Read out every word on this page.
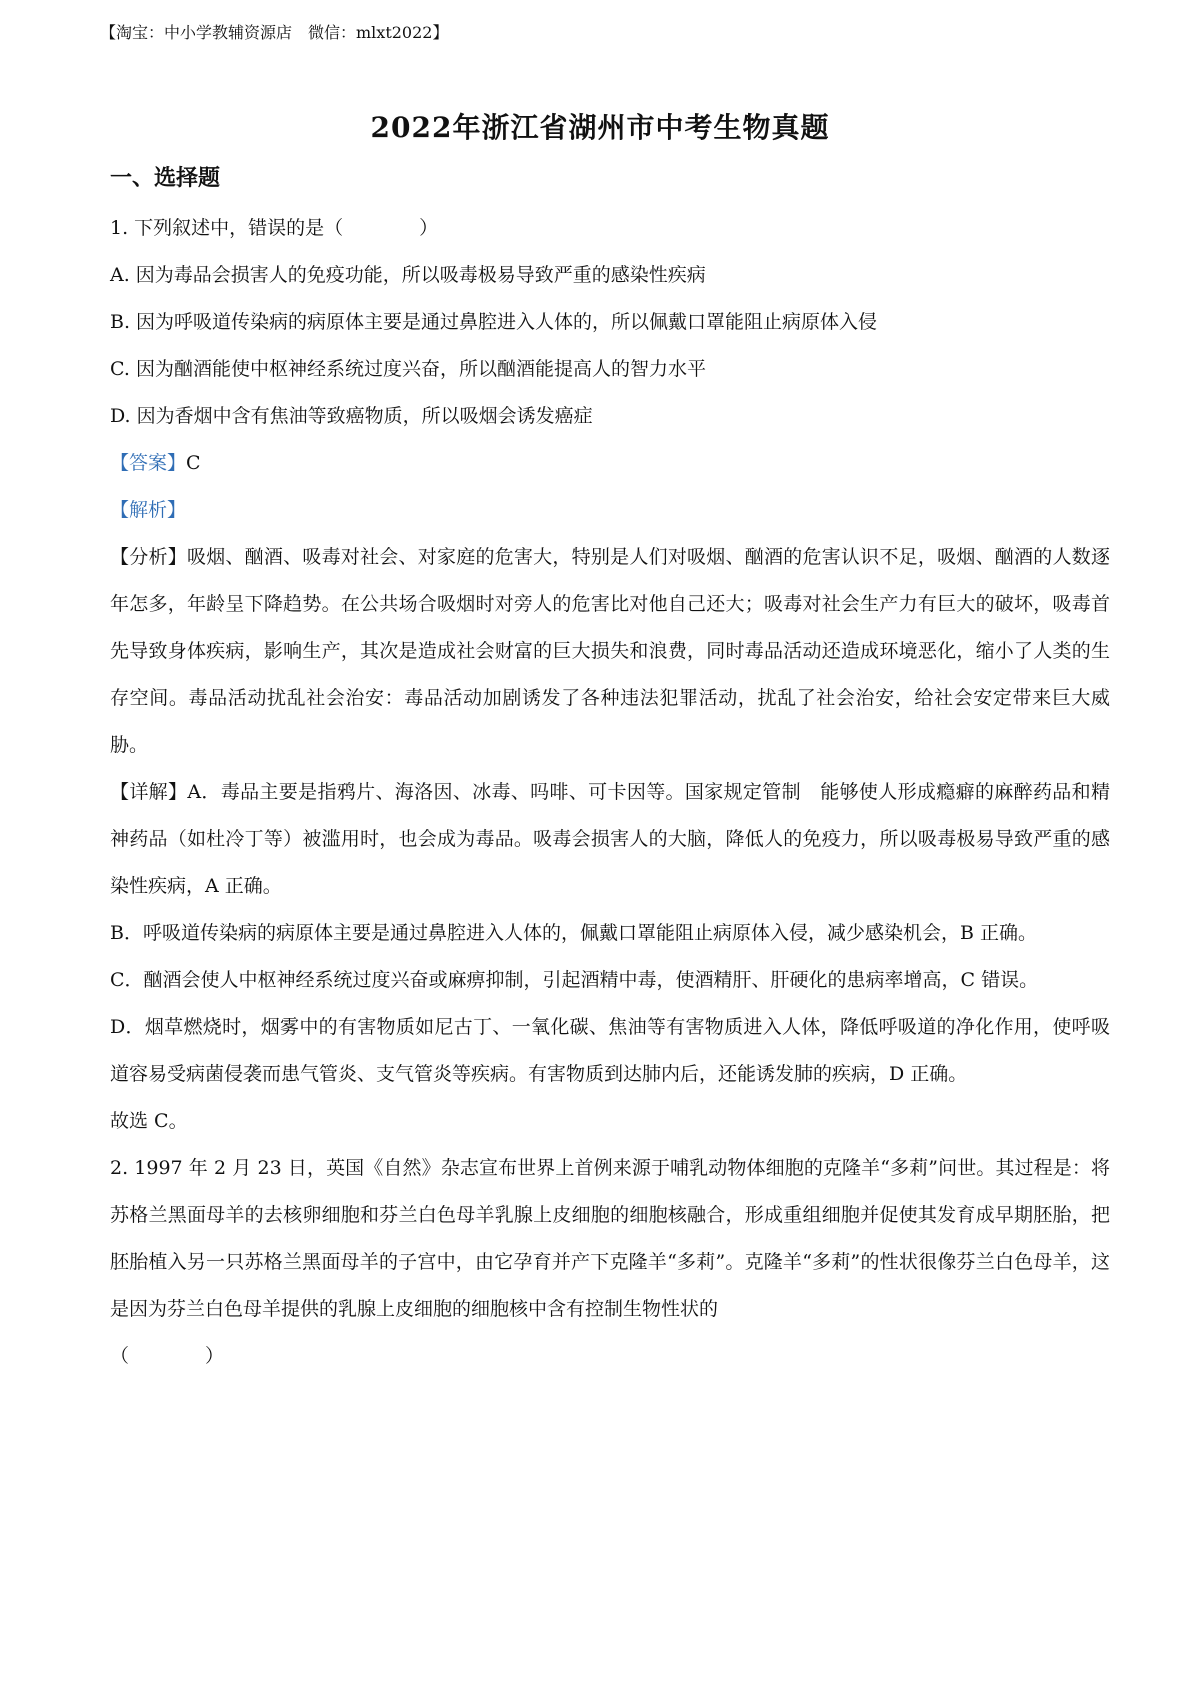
【淘宝：中小学教辅资源店　微信：mlxt2022】
2022年浙江省湖州市中考生物真题
一、选择题

1. 下列叙述中，错误的是（　　　　）

A. 因为毒品会损害人的免疫功能，所以吸毒极易导致严重的感染性疾病

B. 因为呼吸道传染病的病原体主要是通过鼻腔进入人体的，所以佩戴口罩能阻止病原体入侵

C. 因为酗酒能使中枢神经系统过度兴奋，所以酗酒能提高人的智力水平

D. 因为香烟中含有焦油等致癌物质，所以吸烟会诱发癌症

【答案】C

【解析】

【分析】吸烟、酗酒、吸毒对社会、对家庭的危害大，特别是人们对吸烟、酗酒的危害认识不足，吸烟、酗酒的人数逐年怎多，年龄呈下降趋势。在公共场合吸烟时对旁人的危害比对他自己还大；吸毒对社会生产力有巨大的破坏，吸毒首先导致身体疾病，影响生产，其次是造成社会财富的巨大损失和浪费，同时毒品活动还造成环境恶化，缩小了人类的生存空间。毒品活动扰乱社会治安：毒品活动加剧诱发了各种违法犯罪活动，扰乱了社会治安，给社会安定带来巨大威胁。

【详解】A．毒品主要是指鸦片、海洛因、冰毒、吗啡、可卡因等。国家规定管制　能够使人形成瘾癖的麻醉药品和精神药品（如杜冷丁等）被滥用时，也会成为毒品。吸毒会损害人的大脑，降低人的免疫力，所以吸毒极易导致严重的感染性疾病，A 正确。

B．呼吸道传染病的病原体主要是通过鼻腔进入人体的，佩戴口罩能阻止病原体入侵，减少感染机会，B 正确。

C．酗酒会使人中枢神经系统过度兴奋或麻痹抑制，引起酒精中毒，使酒精肝、肝硬化的患病率增高，C 错误。

D．烟草燃烧时，烟雾中的有害物质如尼古丁、一氧化碳、焦油等有害物质进入人体，降低呼吸道的净化作用，使呼吸道容易受病菌侵袭而患气管炎、支气管炎等疾病。有害物质到达肺内后，还能诱发肺的疾病，D 正确。

故选 C。

2. 1997 年 2 月 23 日，英国《自然》杂志宣布世界上首例来源于哺乳动物体细胞的克隆羊“多莉”问世。其过程是：将苏格兰黑面母羊的去核卵细胞和芬兰白色母羊乳腺上皮细胞的细胞核融合，形成重组细胞并促使其发育成早期胚胎，把胚胎植入另一只苏格兰黑面母羊的子宫中，由它孕育并产下克隆羊“多莉”。克隆羊“多莉”的性状很像芬兰白色母羊，这是因为芬兰白色母羊提供的乳腺上皮细胞的细胞核中含有控制生物性状的

（　　　　）
